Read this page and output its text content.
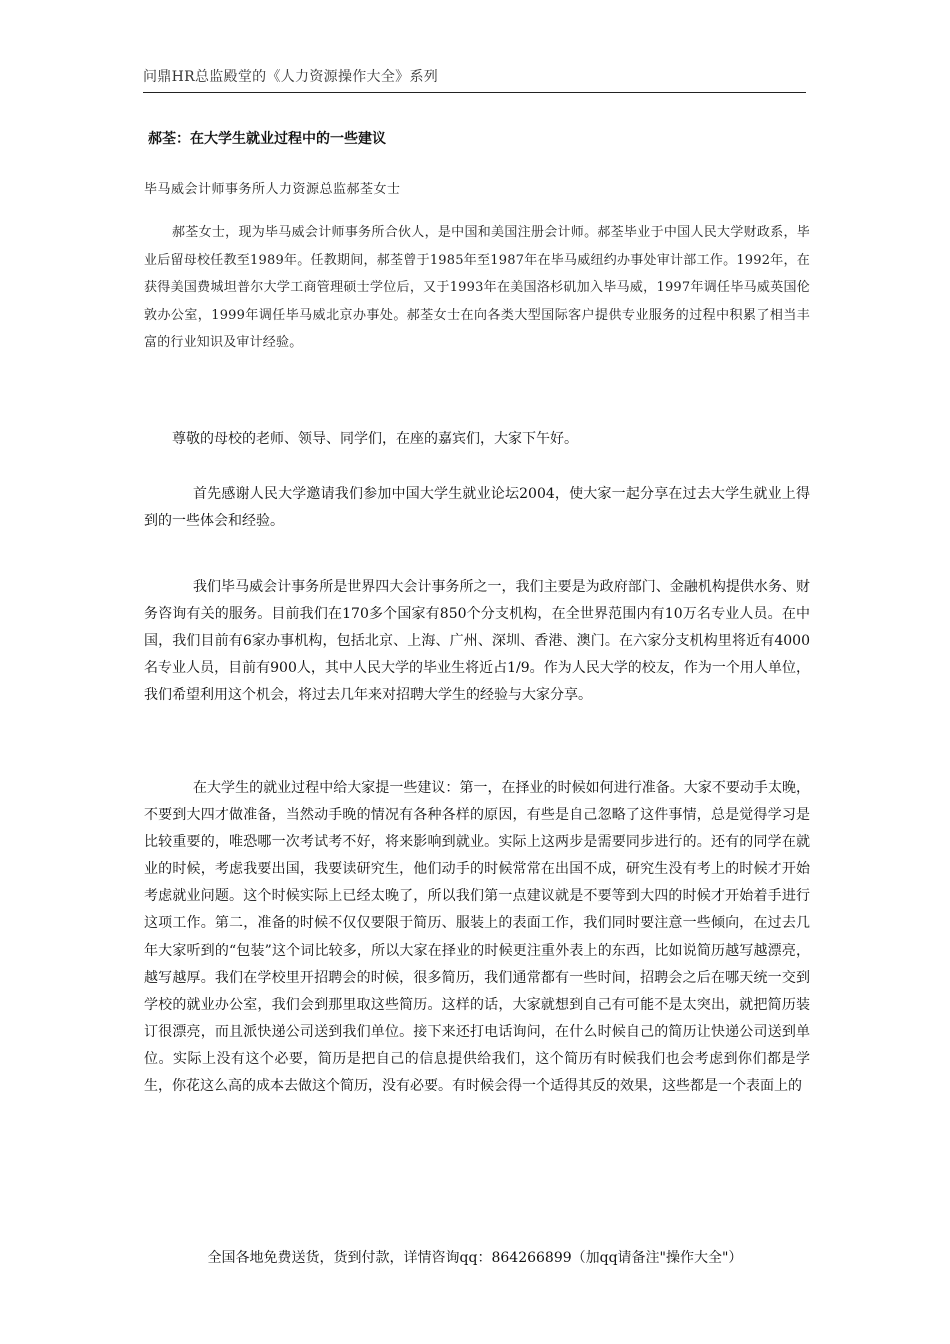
问鼎HR总监殿堂的《人力资源操作大全》系列
郝荃：在大学生就业过程中的一些建议
毕马威会计师事务所人力资源总监郝荃女士

郝荃女士，现为毕马威会计师事务所合伙人，是中国和美国注册会计师。郝荃毕业于中国人民大学财政系，毕业后留母校任教至1989年。任教期间，郝荃曾于1985年至1987年在毕马威纽约办事处审计部工作。1992年，在获得美国费城坦普尔大学工商管理硕士学位后，又于1993年在美国洛杉矶加入毕马威，1997年调任毕马威英国伦敦办公室，1999年调任毕马威北京办事处。郝荃女士在向各类大型国际客户提供专业服务的过程中积累了相当丰富的行业知识及审计经验。

尊敬的母校的老师、领导、同学们，在座的嘉宾们，大家下午好。

首先感谢人民大学邀请我们参加中国大学生就业论坛2004，使大家一起分享在过去大学生就业上得到的一些体会和经验。

我们毕马威会计事务所是世界四大会计事务所之一，我们主要是为政府部门、金融机构提供水务、财务咨询有关的服务。目前我们在170多个国家有850个分支机构，在全世界范围内有10万名专业人员。在中国，我们目前有6家办事机构，包括北京、上海、广州、深圳、香港、澳门。在六家分支机构里将近有4000名专业人员，目前有900人，其中人民大学的毕业生将近占1/9。作为人民大学的校友，作为一个用人单位，我们希望利用这个机会，将过去几年来对招聘大学生的经验与大家分享。

在大学生的就业过程中给大家提一些建议：第一，在择业的时候如何进行准备。大家不要动手太晚，不要到大四才做准备，当然动手晚的情况有各种各样的原因，有些是自己忽略了这件事情，总是觉得学习是比较重要的，唯恐哪一次考试考不好，将来影响到就业。实际上这两步是需要同步进行的。还有的同学在就业的时候，考虑我要出国，我要读研究生，他们动手的时候常常在出国不成，研究生没有考上的时候才开始考虑就业问题。这个时候实际上已经太晚了，所以我们第一点建议就是不要等到大四的时候才开始着手进行这项工作。第二，准备的时候不仅仅要限于简历、服装上的表面工作，我们同时要注意一些倾向，在过去几年大家听到的“包装”这个词比较多，所以大家在择业的时候更注重外表上的东西，比如说简历越写越漂亮，越写越厚。我们在学校里开招聘会的时候，很多简历，我们通常都有一些时间，招聘会之后在哪天统一交到学校的就业办公室，我们会到那里取这些简历。这样的话，大家就想到自己有可能不是太突出，就把简历装订很漂亮，而且派快递公司送到我们单位。接下来还打电话询问，在什么时候自己的简历让快递公司送到单位。实际上没有这个必要，简历是把自己的信息提供给我们，这个简历有时候我们也会考虑到你们都是学生，你花这么高的成本去做这个简历，没有必要。有时候会得一个适得其反的效果，这些都是一个表面上的

全国各地免费送货，货到付款，详情咨询qq：864266899（加qq请备注"操作大全"）
